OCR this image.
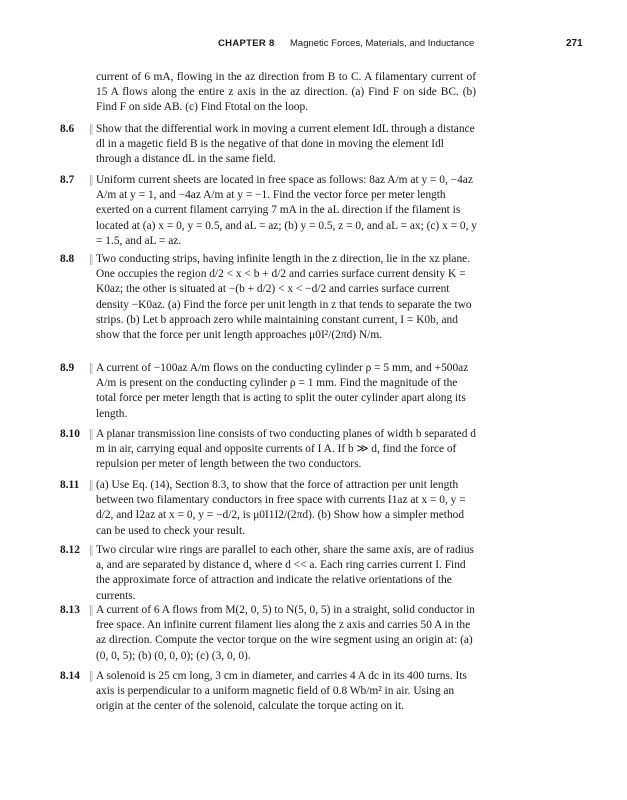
CHAPTER 8 Magnetic Forces, Materials, and Inductance	271
current of 6 mA, flowing in the az direction from B to C. A filamentary current of 15 A flows along the entire z axis in the az direction. (a) Find F on side BC. (b) Find F on side AB. (c) Find Ftotal on the loop.
8.6 Show that the differential work in moving a current element IdL through a distance dl in a magetic field B is the negative of that done in moving the element Idl through a distance dL in the same field.
8.7 Uniform current sheets are located in free space as follows: 8az A/m at y = 0, −4az A/m at y = 1, and −4az A/m at y = −1. Find the vector force per meter length exerted on a current filament carrying 7 mA in the aL direction if the filament is located at (a) x = 0, y = 0.5, and aL = az; (b) y = 0.5, z = 0, and aL = ax; (c) x = 0, y = 1.5, and aL = az.
8.8 Two conducting strips, having infinite length in the z direction, lie in the xz plane. One occupies the region d/2 < x < b + d/2 and carries surface current density K = K0az; the other is situated at −(b + d/2) < x < −d/2 and carries surface current density −K0az. (a) Find the force per unit length in z that tends to separate the two strips. (b) Let b approach zero while maintaining constant current, I = K0b, and show that the force per unit length approaches μ0I²/(2πd) N/m.
8.9 A current of −100az A/m flows on the conducting cylinder ρ = 5 mm, and +500az A/m is present on the conducting cylinder ρ = 1 mm. Find the magnitude of the total force per meter length that is acting to split the outer cylinder apart along its length.
8.10 A planar transmission line consists of two conducting planes of width b separated d m in air, carrying equal and opposite currents of I A. If b ≫ d, find the force of repulsion per meter of length between the two conductors.
8.11 (a) Use Eq. (14), Section 8.3, to show that the force of attraction per unit length between two filamentary conductors in free space with currents I1az at x = 0, y = d/2, and I2az at x = 0, y = −d/2, is μ0I1I2/(2πd). (b) Show how a simpler method can be used to check your result.
8.12 Two circular wire rings are parallel to each other, share the same axis, are of radius a, and are separated by distance d, where d << a. Each ring carries current I. Find the approximate force of attraction and indicate the relative orientations of the currents.
8.13 A current of 6 A flows from M(2, 0, 5) to N(5, 0, 5) in a straight, solid conductor in free space. An infinite current filament lies along the z axis and carries 50 A in the az direction. Compute the vector torque on the wire segment using an origin at: (a) (0, 0, 5); (b) (0, 0, 0); (c) (3, 0, 0).
8.14 A solenoid is 25 cm long, 3 cm in diameter, and carries 4 A dc in its 400 turns. Its axis is perpendicular to a uniform magnetic field of 0.8 Wb/m² in air. Using an origin at the center of the solenoid, calculate the torque acting on it.
